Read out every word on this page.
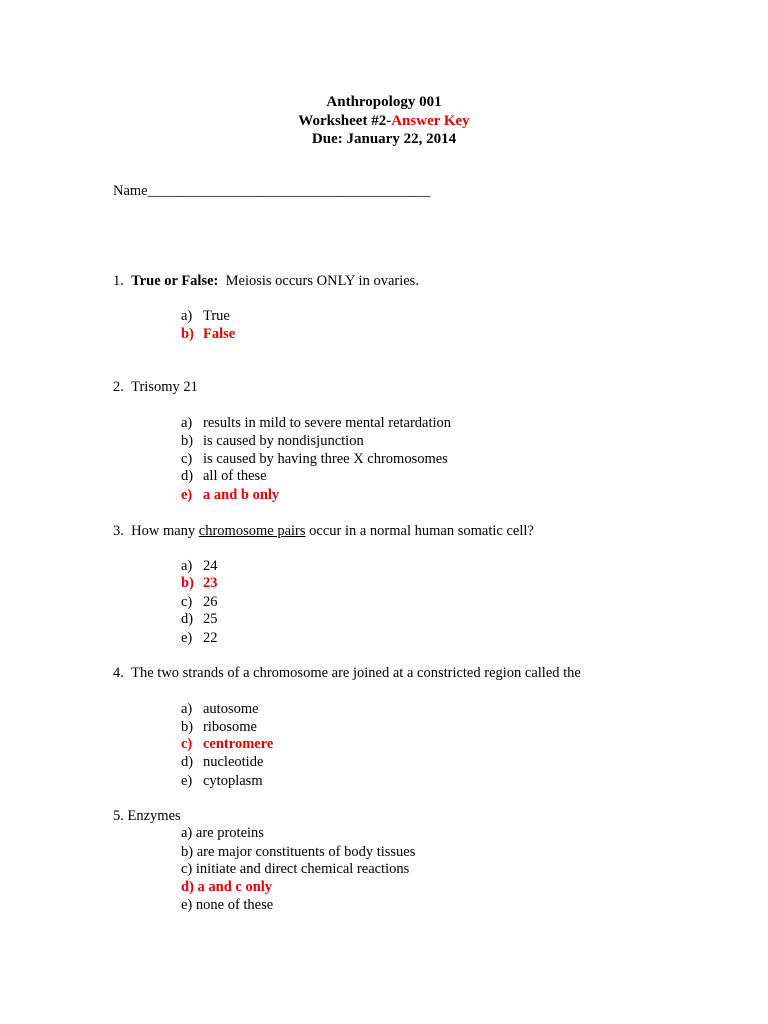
Anthropology 001
Worksheet #2-Answer Key
Due: January 22, 2014
Name_______________________________________
1. True or False: Meiosis occurs ONLY in ovaries.
a) True
b) False
2. Trisomy 21
a) results in mild to severe mental retardation
b) is caused by nondisjunction
c) is caused by having three X chromosomes
d) all of these
e) a and b only
3. How many chromosome pairs occur in a normal human somatic cell?
a) 24
b) 23
c) 26
d) 25
e) 22
4. The two strands of a chromosome are joined at a constricted region called the
a) autosome
b) ribosome
c) centromere
d) nucleotide
e) cytoplasm
5. Enzymes
a) are proteins
b) are major constituents of body tissues
c) initiate and direct chemical reactions
d) a and c only
e) none of these
